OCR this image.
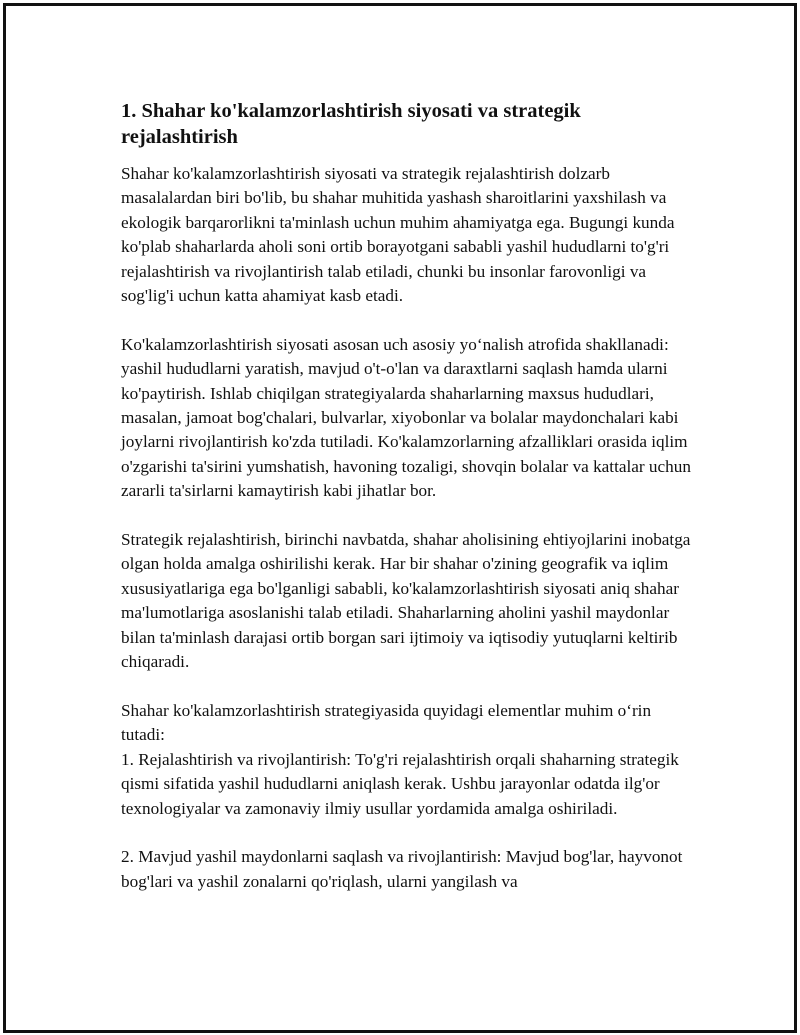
1. Shahar ko'kalamzorlashtirish siyosati va strategik rejalashtirish

Shahar ko'kalamzorlashtirish siyosati va strategik rejalashtirish dolzarb masalalardan biri bo'lib, bu shahar muhitida yashash sharoitlarini yaxshilash va ekologik barqarorlikni ta'minlash uchun muhim ahamiyatga ega. Bugungi kunda ko'plab shaharlarda aholi soni ortib borayotgani sababli yashil hududlarni to'g'ri rejalashtirish va rivojlantirish talab etiladi, chunki bu insonlar farovonligi va sog'lig'i uchun katta ahamiyat kasb etadi.

Ko'kalamzorlashtirish siyosati asosan uch asosiy yo‘nalish atrofida shakllanadi: yashil hududlarni yaratish, mavjud o't-o'lan va daraxtlarni saqlash hamda ularni ko'paytirish. Ishlab chiqilgan strategiyalarda shaharlarning maxsus hududlari, masalan, jamoat bog'chalari, bulvarlar, xiyobonlar va bolalar maydonchalari kabi joylarni rivojlantirish ko'zda tutiladi. Ko'kalamzorlarning afzalliklari orasida iqlim o'zgarishi ta'sirini yumshatish, havoning tozaligi, shovqin bolalar va kattalar uchun zararli ta'sirlarni kamaytirish kabi jihatlar bor.

Strategik rejalashtirish, birinchi navbatda, shahar aholisining ehtiyojlarini inobatga olgan holda amalga oshirilishi kerak. Har bir shahar o'zining geografik va iqlim xususiyatlariga ega bo'lganligi sababli, ko'kalamzorlashtirish siyosati aniq shahar ma'lumotlariga asoslanishi talab etiladi. Shaharlarning aholini yashil maydonlar bilan ta'minlash darajasi ortib borgan sari ijtimoiy va iqtisodiy yutuqlarni keltirib chiqaradi.

Shahar ko'kalamzorlashtirish strategiyasida quyidagi elementlar muhim o‘rin tutadi:

1. Rejalashtirish va rivojlantirish: To'g'ri rejalashtirish orqali shaharning strategik qismi sifatida yashil hududlarni aniqlash kerak. Ushbu jarayonlar odatda ilg'or texnologiyalar va zamonaviy ilmiy usullar yordamida amalga oshiriladi.

2. Mavjud yashil maydonlarni saqlash va rivojlantirish: Mavjud bog'lar, hayvonot bog'lari va yashil zonalarni qo'riqlash, ularni yangilash va
